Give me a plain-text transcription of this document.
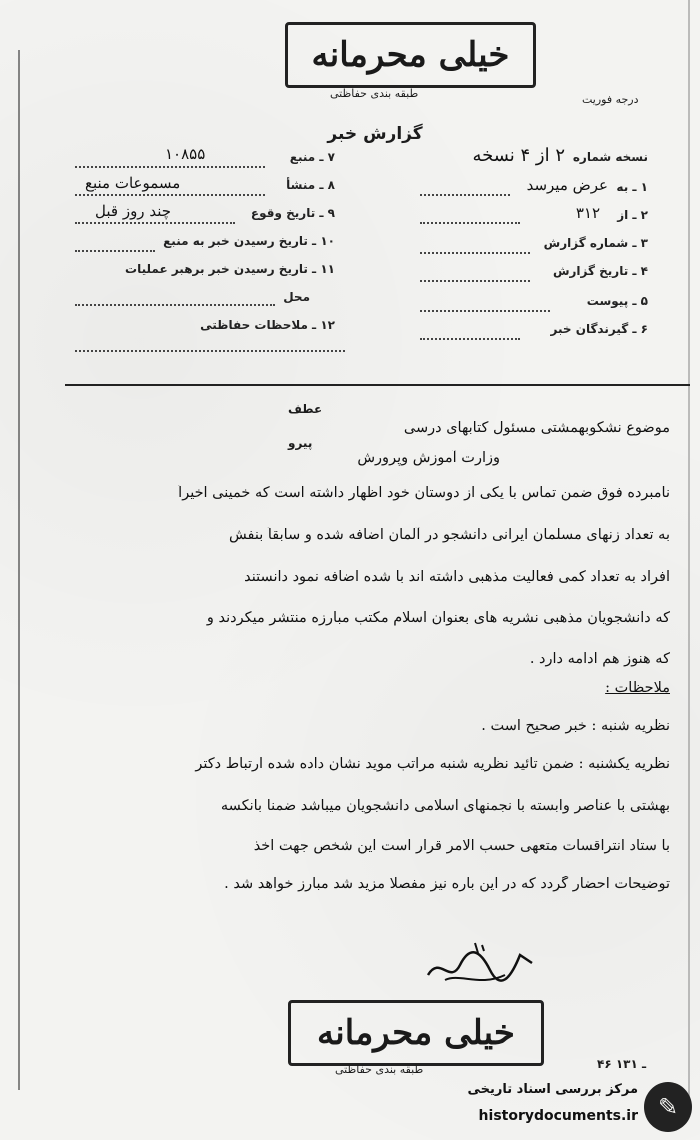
خیلی محرمانه
طبقه بندی حفاظتی	درجه فوریت
گزارش خبر
۷ ـ منبع
۱۰۸۵۵
۸ ـ منشأ
مسموعات منبع
۹ ـ تاریخ وقوع
چند روز قبل
۱۰ ـ تاریخ رسیدن خبر به منبع
۱۱ ـ تاریخ رسیدن خبر برهبر عملیات
محل
۱۲ ـ ملاحظات حفاظتی
نسخه شماره
۲ از ۴ نسخه
۱ ـ به
عرض میرسد
۲ ـ از
۳۱۲
۳ ـ شماره گزارش
۴ ـ تاریخ گزارش
۵ ـ پیوست
۶ ـ گیرندگان خبر
عطف
پیرو
موضوع نشکوبهمشتی مسئول کتابهای درسی
وزارت آموزش وپرورش
نامبرده فوق ضمن تماس با یکی از دوستان خود اظهار داشته است که خمینی اخیراً
به تعداد زنهای مسلمان ایرانی دانشجو در آلمان اضافه شده و سابقاً بنفش
افراد به تعداد کمی فعالیت مذهبی داشته اند با شده اضافه نمود دانستند
که دانشجویان مذهبی نشریه های بعنوان اسلام مکتب مبارزه منتشر میکردند و
که هنوز هم ادامه دارد .
ملاحظات :
نظریه شنبه : خبر صحیح است .
نظریه یکشنبه : ضمن تائید نظریه شنبه مراتب موید نشان داده شده ارتباط دکتر
بهشتی با عناصر وابسته با نجمنهای اسلامی دانشجویان میباشد ضمنا بانکسه
با ستاد انتراقسات متعهی حسب الامر قرار است این شخص جهت اخذ
توضیحات احضار گردد که در این باره نیز مفصلا مزید شد مبارز خواهد شد .
خیلی محرمانه
طبقه بندی حفاظتی	۴۶ ـ ۱۳۱
مرکز بررسی اسناد تاریخی
historydocuments.ir ✎
